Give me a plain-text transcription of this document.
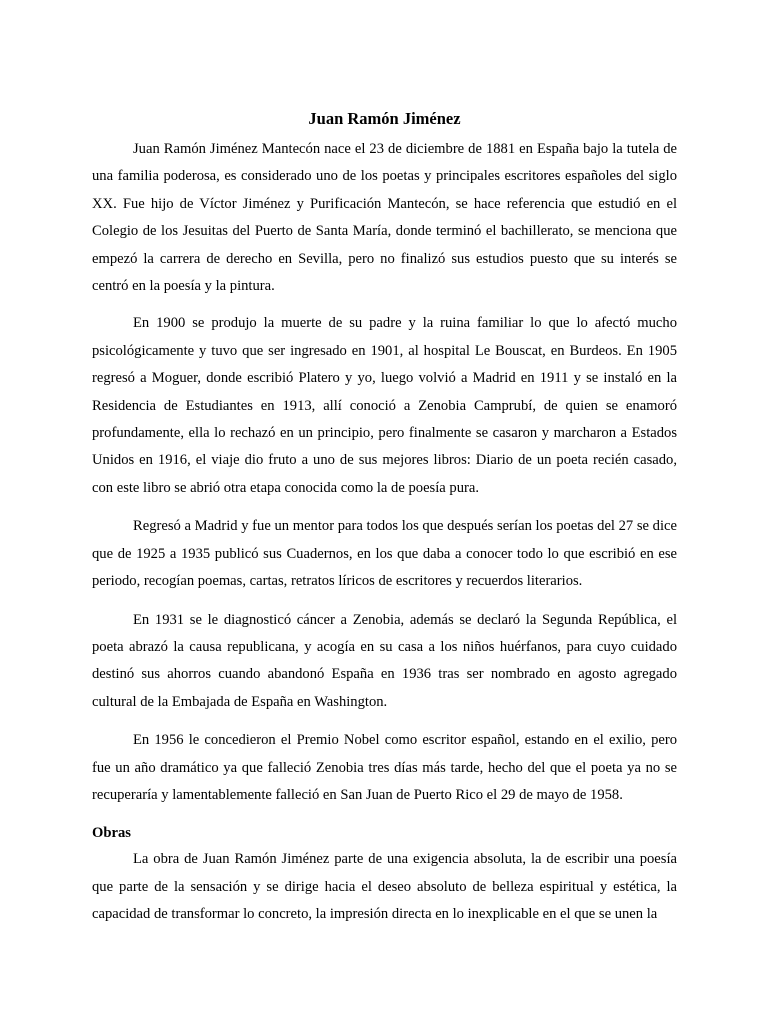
Juan Ramón Jiménez

Juan Ramón Jiménez Mantecón nace el 23 de diciembre de 1881 en España bajo la tutela de una familia poderosa, es considerado uno de los poetas y principales escritores españoles del siglo XX. Fue hijo de Víctor Jiménez y Purificación Mantecón, se hace referencia que estudió en el Colegio de los Jesuitas del Puerto de Santa María, donde terminó el bachillerato, se menciona que empezó la carrera de derecho en Sevilla, pero no finalizó sus estudios puesto que su interés se centró en la poesía y la pintura.

En 1900 se produjo la muerte de su padre y la ruina familiar lo que lo afectó mucho psicológicamente y tuvo que ser ingresado en 1901, al hospital Le Bouscat, en Burdeos. En 1905 regresó a Moguer, donde escribió Platero y yo, luego volvió a Madrid en 1911 y se instaló en la Residencia de Estudiantes en 1913, allí conoció a Zenobia Camprubí, de quien se enamoró profundamente, ella lo rechazó en un principio, pero finalmente se casaron y marcharon a Estados Unidos en 1916, el viaje dio fruto a uno de sus mejores libros: Diario de un poeta recién casado, con este libro se abrió otra etapa conocida como la de poesía pura.

Regresó a Madrid y fue un mentor para todos los que después serían los poetas del 27 se dice que de 1925 a 1935 publicó sus Cuadernos, en los que daba a conocer todo lo que escribió en ese periodo, recogían poemas, cartas, retratos líricos de escritores y recuerdos literarios.

En 1931 se le diagnosticó cáncer a Zenobia, además se declaró la Segunda República, el poeta abrazó la causa republicana, y acogía en su casa a los niños huérfanos, para cuyo cuidado destinó sus ahorros cuando abandonó España en 1936 tras ser nombrado en agosto agregado cultural de la Embajada de España en Washington.

En 1956 le concedieron el Premio Nobel como escritor español, estando en el exilio, pero fue un año dramático ya que falleció Zenobia tres días más tarde, hecho del que el poeta ya no se recuperaría y lamentablemente falleció en San Juan de Puerto Rico el 29 de mayo de 1958.

Obras

La obra de Juan Ramón Jiménez parte de una exigencia absoluta, la de escribir una poesía que parte de la sensación y se dirige hacia el deseo absoluto de belleza espiritual y estética, la capacidad de transformar lo concreto, la impresión directa en lo inexplicable en el que se unen la
